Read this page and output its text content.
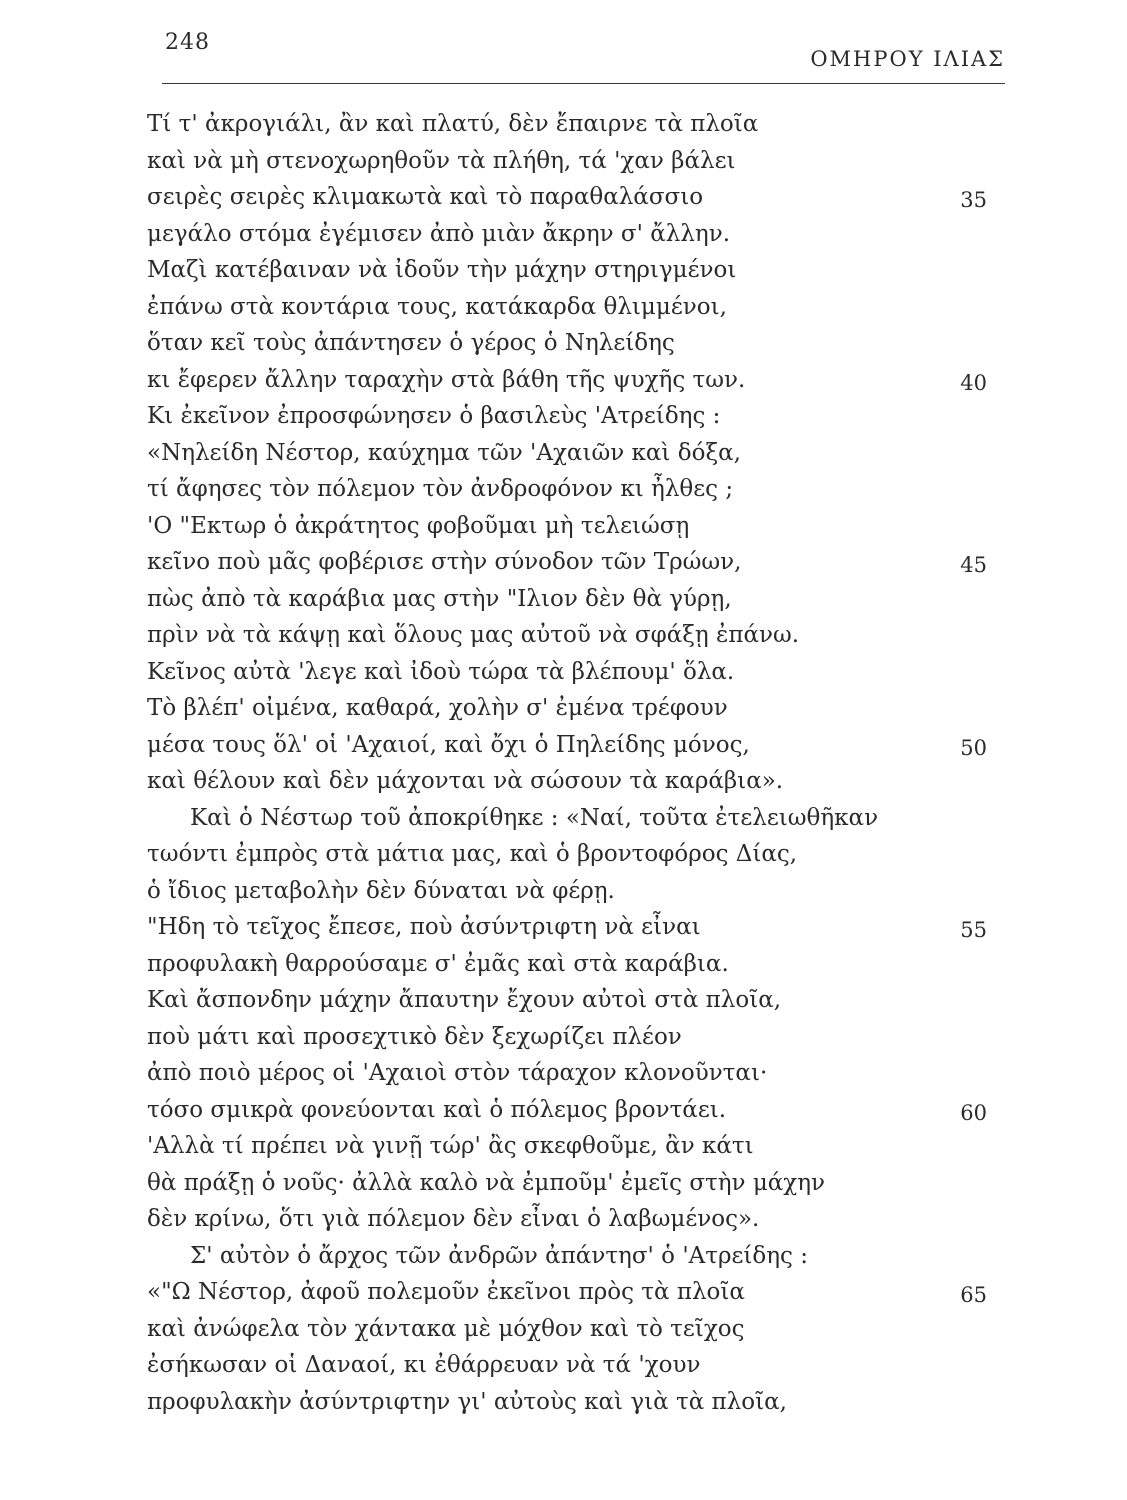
248
ΟΜΗΡΟΥ ΙΛΙΑΣ
Τί τ' ἀκρογιάλι, ἂν καὶ πλατύ, δὲν ἔπαιρνε τὰ πλοῖα
καὶ νὰ μὴ στενοχωρηθοῦν τὰ πλήθη, τά 'χαν βάλει
σειρὲς σειρὲς κλιμακωτὰ καὶ τὸ παραθαλάσσιο	35
μεγάλο στόμα ἐγέμισεν ἀπὸ μιὰν ἄκρην σ' ἄλλην.
Μαζὶ κατέβαιναν νὰ ἰδοῦν τὴν μάχην στηριγμένοι
ἐπάνω στὰ κοντάρια τους, κατάκαρδα θλιμμένοι,
ὅταν κεῖ τοὺς ἀπάντησεν ὁ γέρος ὁ Νηλείδης
κι ἔφερεν ἄλλην ταραχὴν στὰ βάθη τῆς ψυχῆς των.	40
Κι ἐκεῖνον ἐπροσφώνησεν ὁ βασιλεὺς 'Ατρείδης :
«Νηλείδη Νέστορ, καύχημα τῶν 'Αχαιῶν καὶ δόξα,
τί ἄφησες τὸν πόλεμον τὸν ἀνδροφόνον κι ἦλθες ;
'Ο "Εκτωρ ὁ ἀκράτητος φοβοῦμαι μὴ τελειώσῃ
κεῖνο ποὺ μᾶς φοβέρισε στὴν σύνοδον τῶν Τρώων,	45
πὼς ἀπὸ τὰ καράβια μας στὴν "Ιλιον δὲν θὰ γύρῃ,
πρὶν νὰ τὰ κάψῃ καὶ ὅλους μας αὐτοῦ νὰ σφάξῃ ἐπάνω.
Κεῖνος αὐτὰ 'λεγε καὶ ἰδοὺ τώρα τὰ βλέπουμ' ὅλα.
Τὸ βλέπ' οἰμένα, καθαρά, χολὴν σ' ἐμένα τρέφουν
μέσα τους ὅλ' οἱ 'Αχαιοί, καὶ ὄχι ὁ Πηλείδης μόνος,	50
καὶ θέλουν καὶ δὲν μάχονται νὰ σώσουν τὰ καράβια».
Καὶ ὁ Νέστωρ τοῦ ἀποκρίθηκε : «Ναί, τοῦτα ἐτελειωθῆκαν
τωόντι ἐμπρὸς στὰ μάτια μας, καὶ ὁ βροντοφόρος Δίας,
ὁ ἴδιος μεταβολὴν δὲν δύναται νὰ φέρῃ.
"Ηδη τὸ τεῖχος ἔπεσε, ποὺ ἀσύντριφτη νὰ εἶναι	55
προφυλακὴ θαρρούσαμε σ' ἐμᾶς καὶ στὰ καράβια.
Καὶ ἄσπονδην μάχην ἄπαυτην ἔχουν αὐτοὶ στὰ πλοῖα,
ποὺ μάτι καὶ προσεχτικὸ δὲν ξεχωρίζει πλέον
ἀπὸ ποιὸ μέρος οἱ 'Αχαιοὶ στὸν τάραχον κλονοῦνται·
τόσο σμικρὰ φονεύονται καὶ ὁ πόλεμος βροντάει.	60
'Αλλὰ τί πρέπει νὰ γινῇ τώρ' ἂς σκεφθοῦμε, ἂν κάτι
θὰ πράξῃ ὁ νοῦς· ἀλλὰ καλὸ νὰ ἐμποῦμ' ἐμεῖς στὴν μάχην
δὲν κρίνω, ὅτι γιὰ πόλεμον δὲν εἶναι ὁ λαβωμένος».
Σ' αὐτὸν ὁ ἄρχος τῶν ἀνδρῶν ἀπάντησ' ὁ 'Ατρείδης :
«"Ω Νέστορ, ἀφοῦ πολεμοῦν ἐκεῖνοι πρὸς τὰ πλοῖα	65
καὶ ἀνώφελα τὸν χάντακα μὲ μόχθον καὶ τὸ τεῖχος
ἐσήκωσαν οἱ Δαναοί, κι ἐθάρρευαν νὰ τά 'χουν
προφυλακὴν ἀσύντριφτην γι' αὐτοὺς καὶ γιὰ τὰ πλοῖα,
